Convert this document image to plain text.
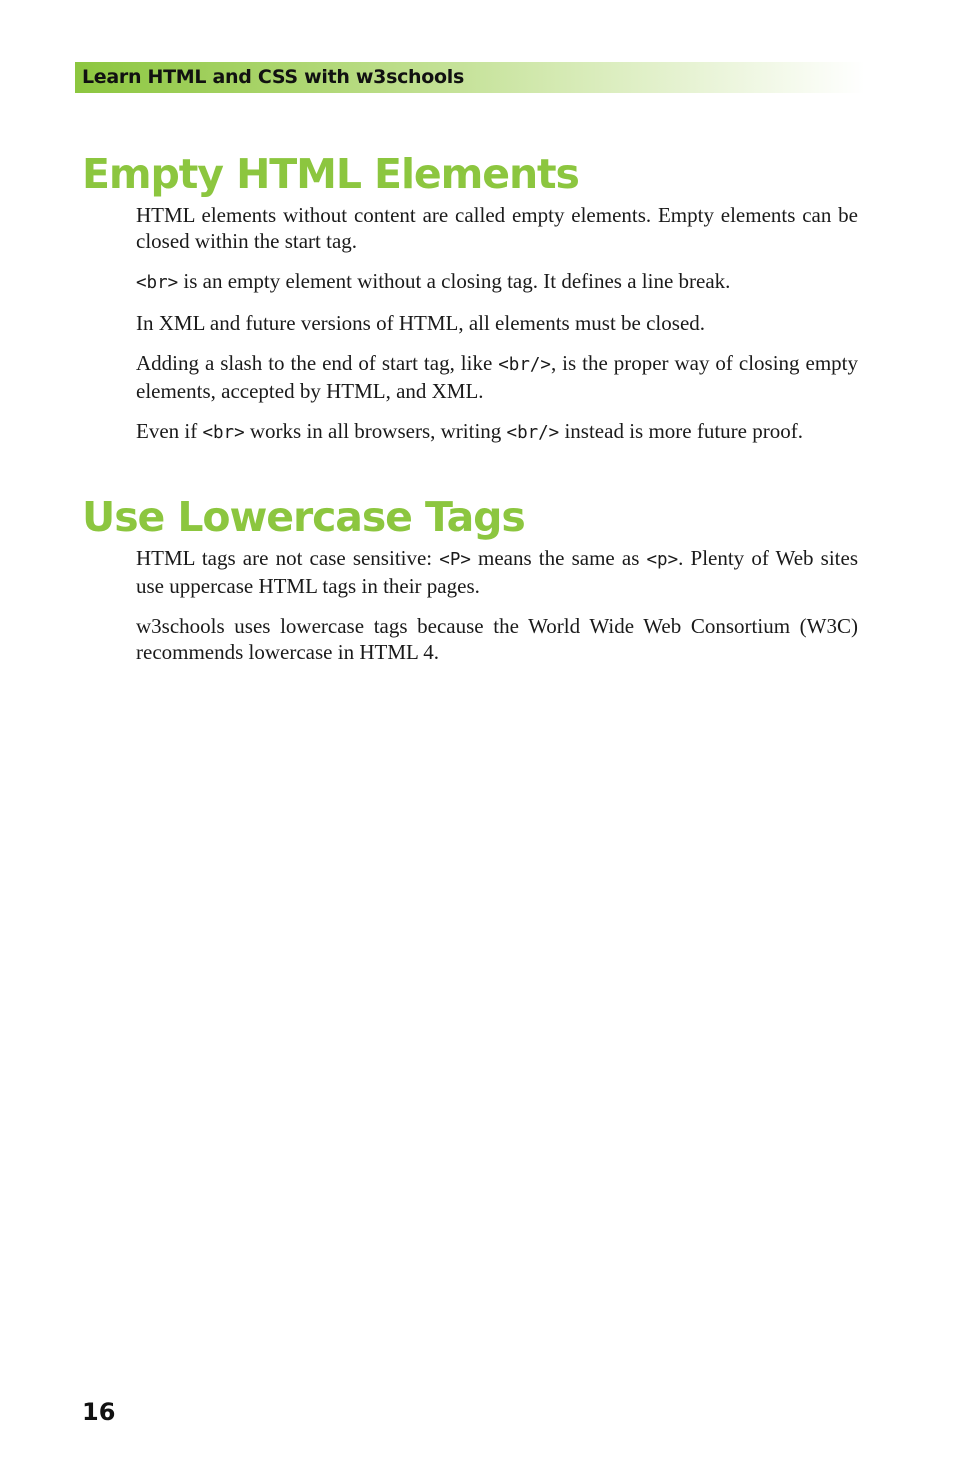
Learn HTML and CSS with w3schools
Empty HTML Elements

HTML elements without content are called empty elements. Empty elements can be closed within the start tag.

<br> is an empty element without a closing tag. It defines a line break.

In XML and future versions of HTML, all elements must be closed.

Adding a slash to the end of start tag, like <br/>, is the proper way of closing empty elements, accepted by HTML, and XML.

Even if <br> works in all browsers, writing <br/> instead is more future proof.

Use Lowercase Tags

HTML tags are not case sensitive: <P> means the same as <p>. Plenty of Web sites use uppercase HTML tags in their pages.

w3schools uses lowercase tags because the World Wide Web Consortium (W3C) recommends lowercase in HTML 4.

16
